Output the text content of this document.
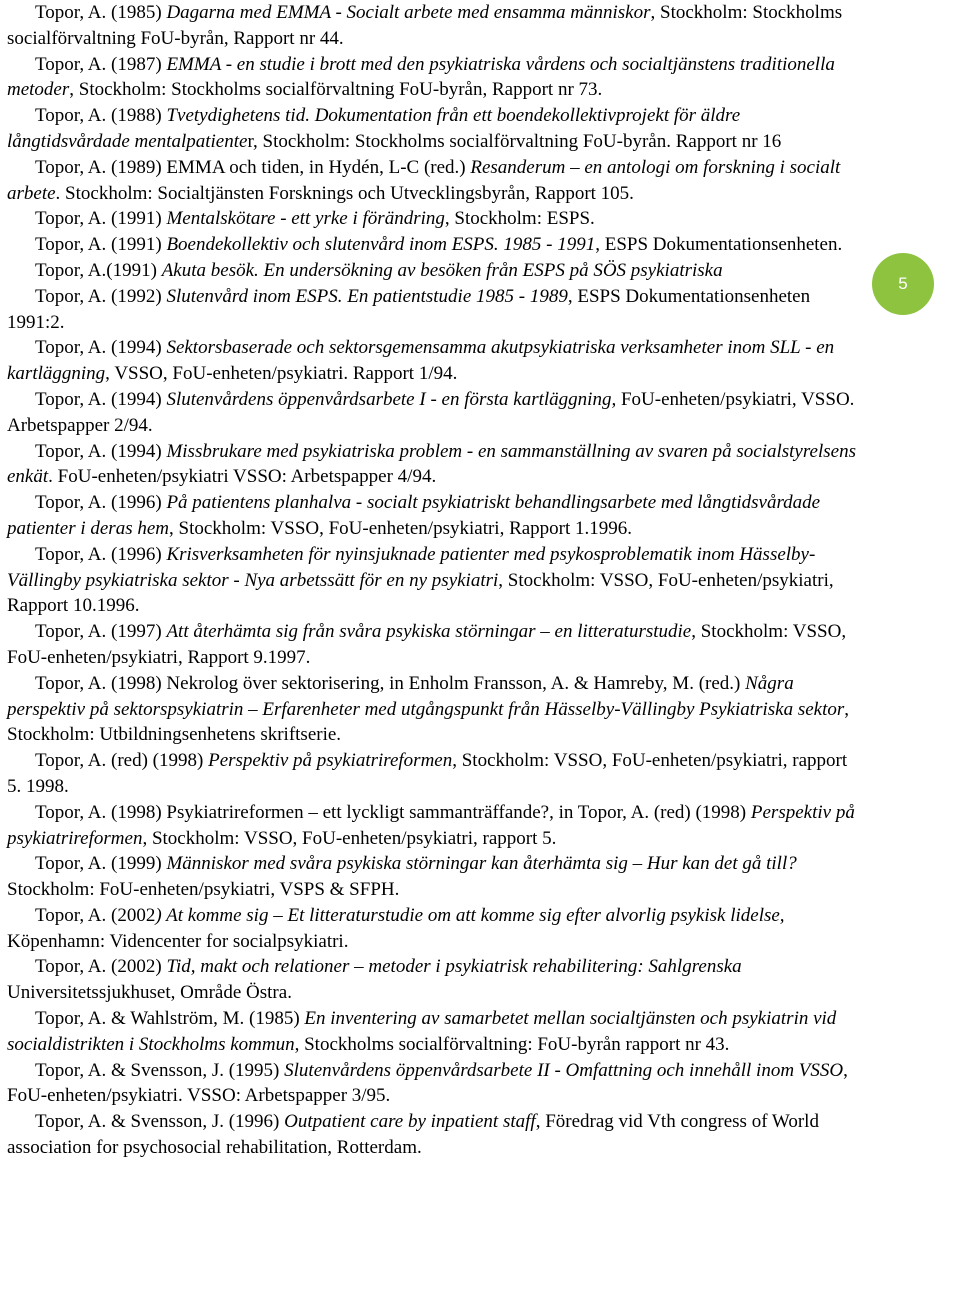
Topor, A. (1985) Dagarna med EMMA - Socialt arbete med ensamma människor, Stockholm: Stockholms socialförvaltning FoU-byrån, Rapport nr 44.

Topor, A. (1987) EMMA - en studie i brott med den psykiatriska vårdens och socialtjänstens traditionella metoder, Stockholm: Stockholms socialförvaltning FoU-byrån, Rapport nr 73.

Topor, A. (1988) Tvetydighetens tid. Dokumentation från ett boendekollektivprojekt för äldre långtidsvårdade mentalpatienter, Stockholm: Stockholms socialförvaltning FoU-byrån. Rapport nr 16

Topor, A. (1989) EMMA och tiden, in Hydén, L-C (red.) Resanderum – en antologi om forskning i socialt arbete. Stockholm: Socialtjänsten Forsknings och Utvecklingsbyrån, Rapport 105.

Topor, A. (1991) Mentalskötare - ett yrke i förändring, Stockholm: ESPS.

Topor, A. (1991) Boendekollektiv och slutenvård inom ESPS. 1985 - 1991, ESPS Dokumentationsenheten.

Topor, A.(1991) Akuta besök. En undersökning av besöken från ESPS på SÖS psykiatriska

Topor, A. (1992) Slutenvård inom ESPS. En patientstudie 1985 - 1989, ESPS Dokumentationsenheten 1991:2.

Topor, A. (1994) Sektorsbaserade och sektorsgemensamma akutpsykiatriska verksamheter inom SLL - en kartläggning, VSSO, FoU-enheten/psykiatri. Rapport 1/94.

Topor, A. (1994) Slutenvårdens öppenvårdsarbete I - en första kartläggning, FoU-enheten/psykiatri, VSSO. Arbetspapper 2/94.

Topor, A. (1994) Missbrukare med psykiatriska problem - en sammanställning av svaren på socialstyrelsens enkät. FoU-enheten/psykiatri VSSO: Arbetspapper 4/94.

Topor, A. (1996) På patientens planhalva - socialt psykiatriskt behandlingsarbete med långtidsvårdade patienter i deras hem, Stockholm: VSSO, FoU-enheten/psykiatri, Rapport 1.1996.

Topor, A. (1996) Krisverksamheten för nyinsjuknade patienter med psykosproblematik inom Hässelby-Vällingby psykiatriska sektor - Nya arbetssätt för en ny psykiatri, Stockholm: VSSO, FoU-enheten/psykiatri, Rapport 10.1996.

Topor, A. (1997) Att återhämta sig från svåra psykiska störningar – en litteraturstudie, Stockholm: VSSO, FoU-enheten/psykiatri, Rapport 9.1997.

Topor, A. (1998) Nekrolog över sektorisering, in Enholm Fransson, A. & Hamreby, M. (red.) Några perspektiv på sektorspsykiatrin – Erfarenheter med utgångspunkt från Hässelby-Vällingby Psykiatriska sektor, Stockholm: Utbildningsenhetens skriftserie.

Topor, A. (red) (1998) Perspektiv på psykiatrireformen, Stockholm: VSSO, FoU-enheten/psykiatri, rapport 5. 1998.

Topor, A. (1998) Psykiatrireformen – ett lyckligt sammanträffande?, in Topor, A. (red) (1998) Perspektiv på psykiatrireformen, Stockholm: VSSO, FoU-enheten/psykiatri, rapport 5.

Topor, A. (1999) Människor med svåra psykiska störningar kan återhämta sig – Hur kan det gå till? Stockholm: FoU-enheten/psykiatri, VSPS & SFPH.

Topor, A. (2002) At komme sig – Et litteraturstudie om att komme sig efter alvorlig psykisk lidelse, Köpenhamn: Videncenter for socialpsykiatri.

Topor, A. (2002) Tid, makt och relationer – metoder i psykiatrisk rehabilitering: Sahlgrenska Universitetssjukhuset, Område Östra.

Topor, A. & Wahlström, M. (1985) En inventering av samarbetet mellan socialtjänsten och psykiatrin vid socialdistrikten i Stockholms kommun, Stockholms socialförvaltning: FoU-byrån rapport nr 43.

Topor, A. & Svensson, J. (1995) Slutenvårdens öppenvårdsarbete II - Omfattning och innehåll inom VSSO, FoU-enheten/psykiatri. VSSO: Arbetspapper 3/95.

Topor, A. & Svensson, J. (1996) Outpatient care by inpatient staff, Föredrag vid Vth congress of World association for psychosocial rehabilitation, Rotterdam.

5
